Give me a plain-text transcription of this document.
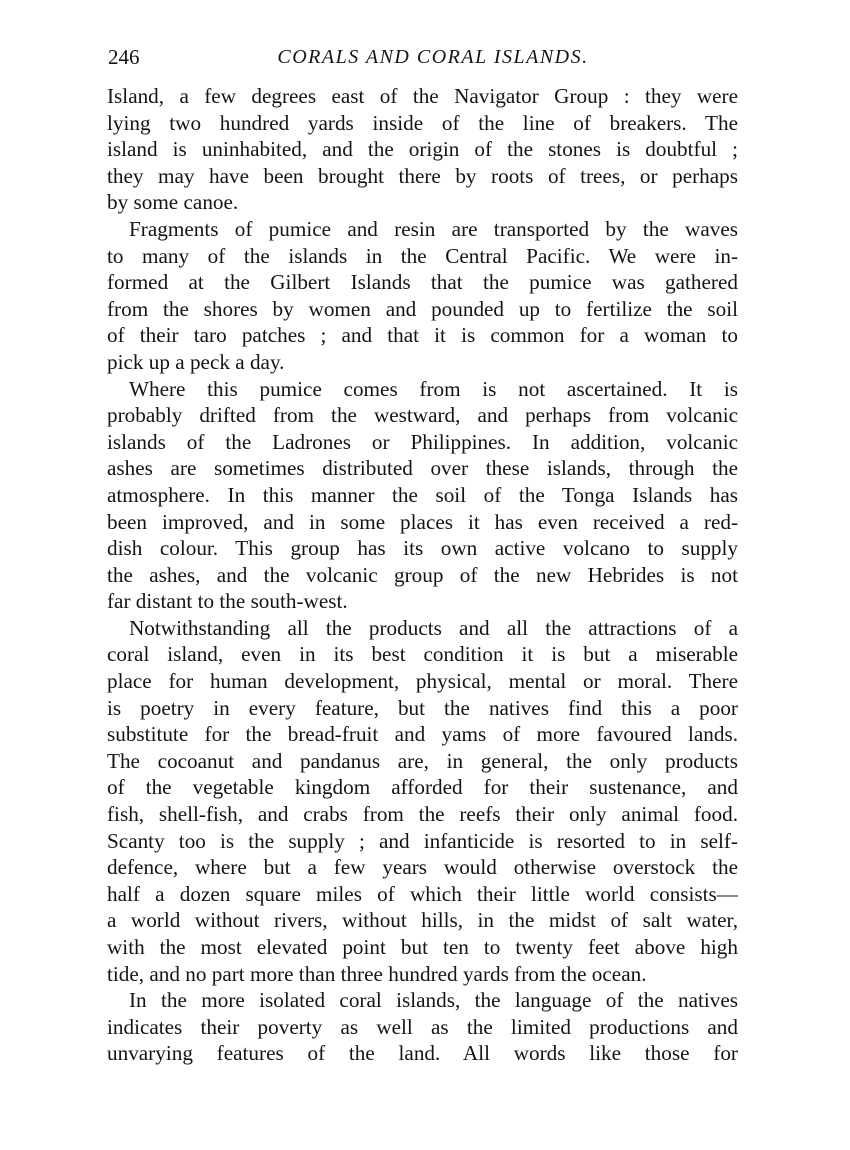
246	CORALS AND CORAL ISLANDS.
Island, a few degrees east of the Navigator Group : they were
lying two hundred yards inside of the line of breakers. The
island is uninhabited, and the origin of the stones is doubtful ;
they may have been brought there by roots of trees, or perhaps
by some canoe.
Fragments of pumice and resin are transported by the waves
to many of the islands in the Central Pacific. We were in-
formed at the Gilbert Islands that the pumice was gathered
from the shores by women and pounded up to fertilize the soil
of their taro patches ; and that it is common for a woman to
pick up a peck a day.
Where this pumice comes from is not ascertained. It is
probably drifted from the westward, and perhaps from volcanic
islands of the Ladrones or Philippines. In addition, volcanic
ashes are sometimes distributed over these islands, through the
atmosphere. In this manner the soil of the Tonga Islands has
been improved, and in some places it has even received a red-
dish colour. This group has its own active volcano to supply
the ashes, and the volcanic group of the new Hebrides is not
far distant to the south-west.
Notwithstanding all the products and all the attractions of a
coral island, even in its best condition it is but a miserable
place for human development, physical, mental or moral. There
is poetry in every feature, but the natives find this a poor
substitute for the bread-fruit and yams of more favoured lands.
The cocoanut and pandanus are, in general, the only products
of the vegetable kingdom afforded for their sustenance, and
fish, shell-fish, and crabs from the reefs their only animal food.
Scanty too is the supply ; and infanticide is resorted to in self-
defence, where but a few years would otherwise overstock the
half a dozen square miles of which their little world consists—
a world without rivers, without hills, in the midst of salt water,
with the most elevated point but ten to twenty feet above high
tide, and no part more than three hundred yards from the ocean.
In the more isolated coral islands, the language of the natives
indicates their poverty as well as the limited productions and
unvarying features of the land. All words like those for
